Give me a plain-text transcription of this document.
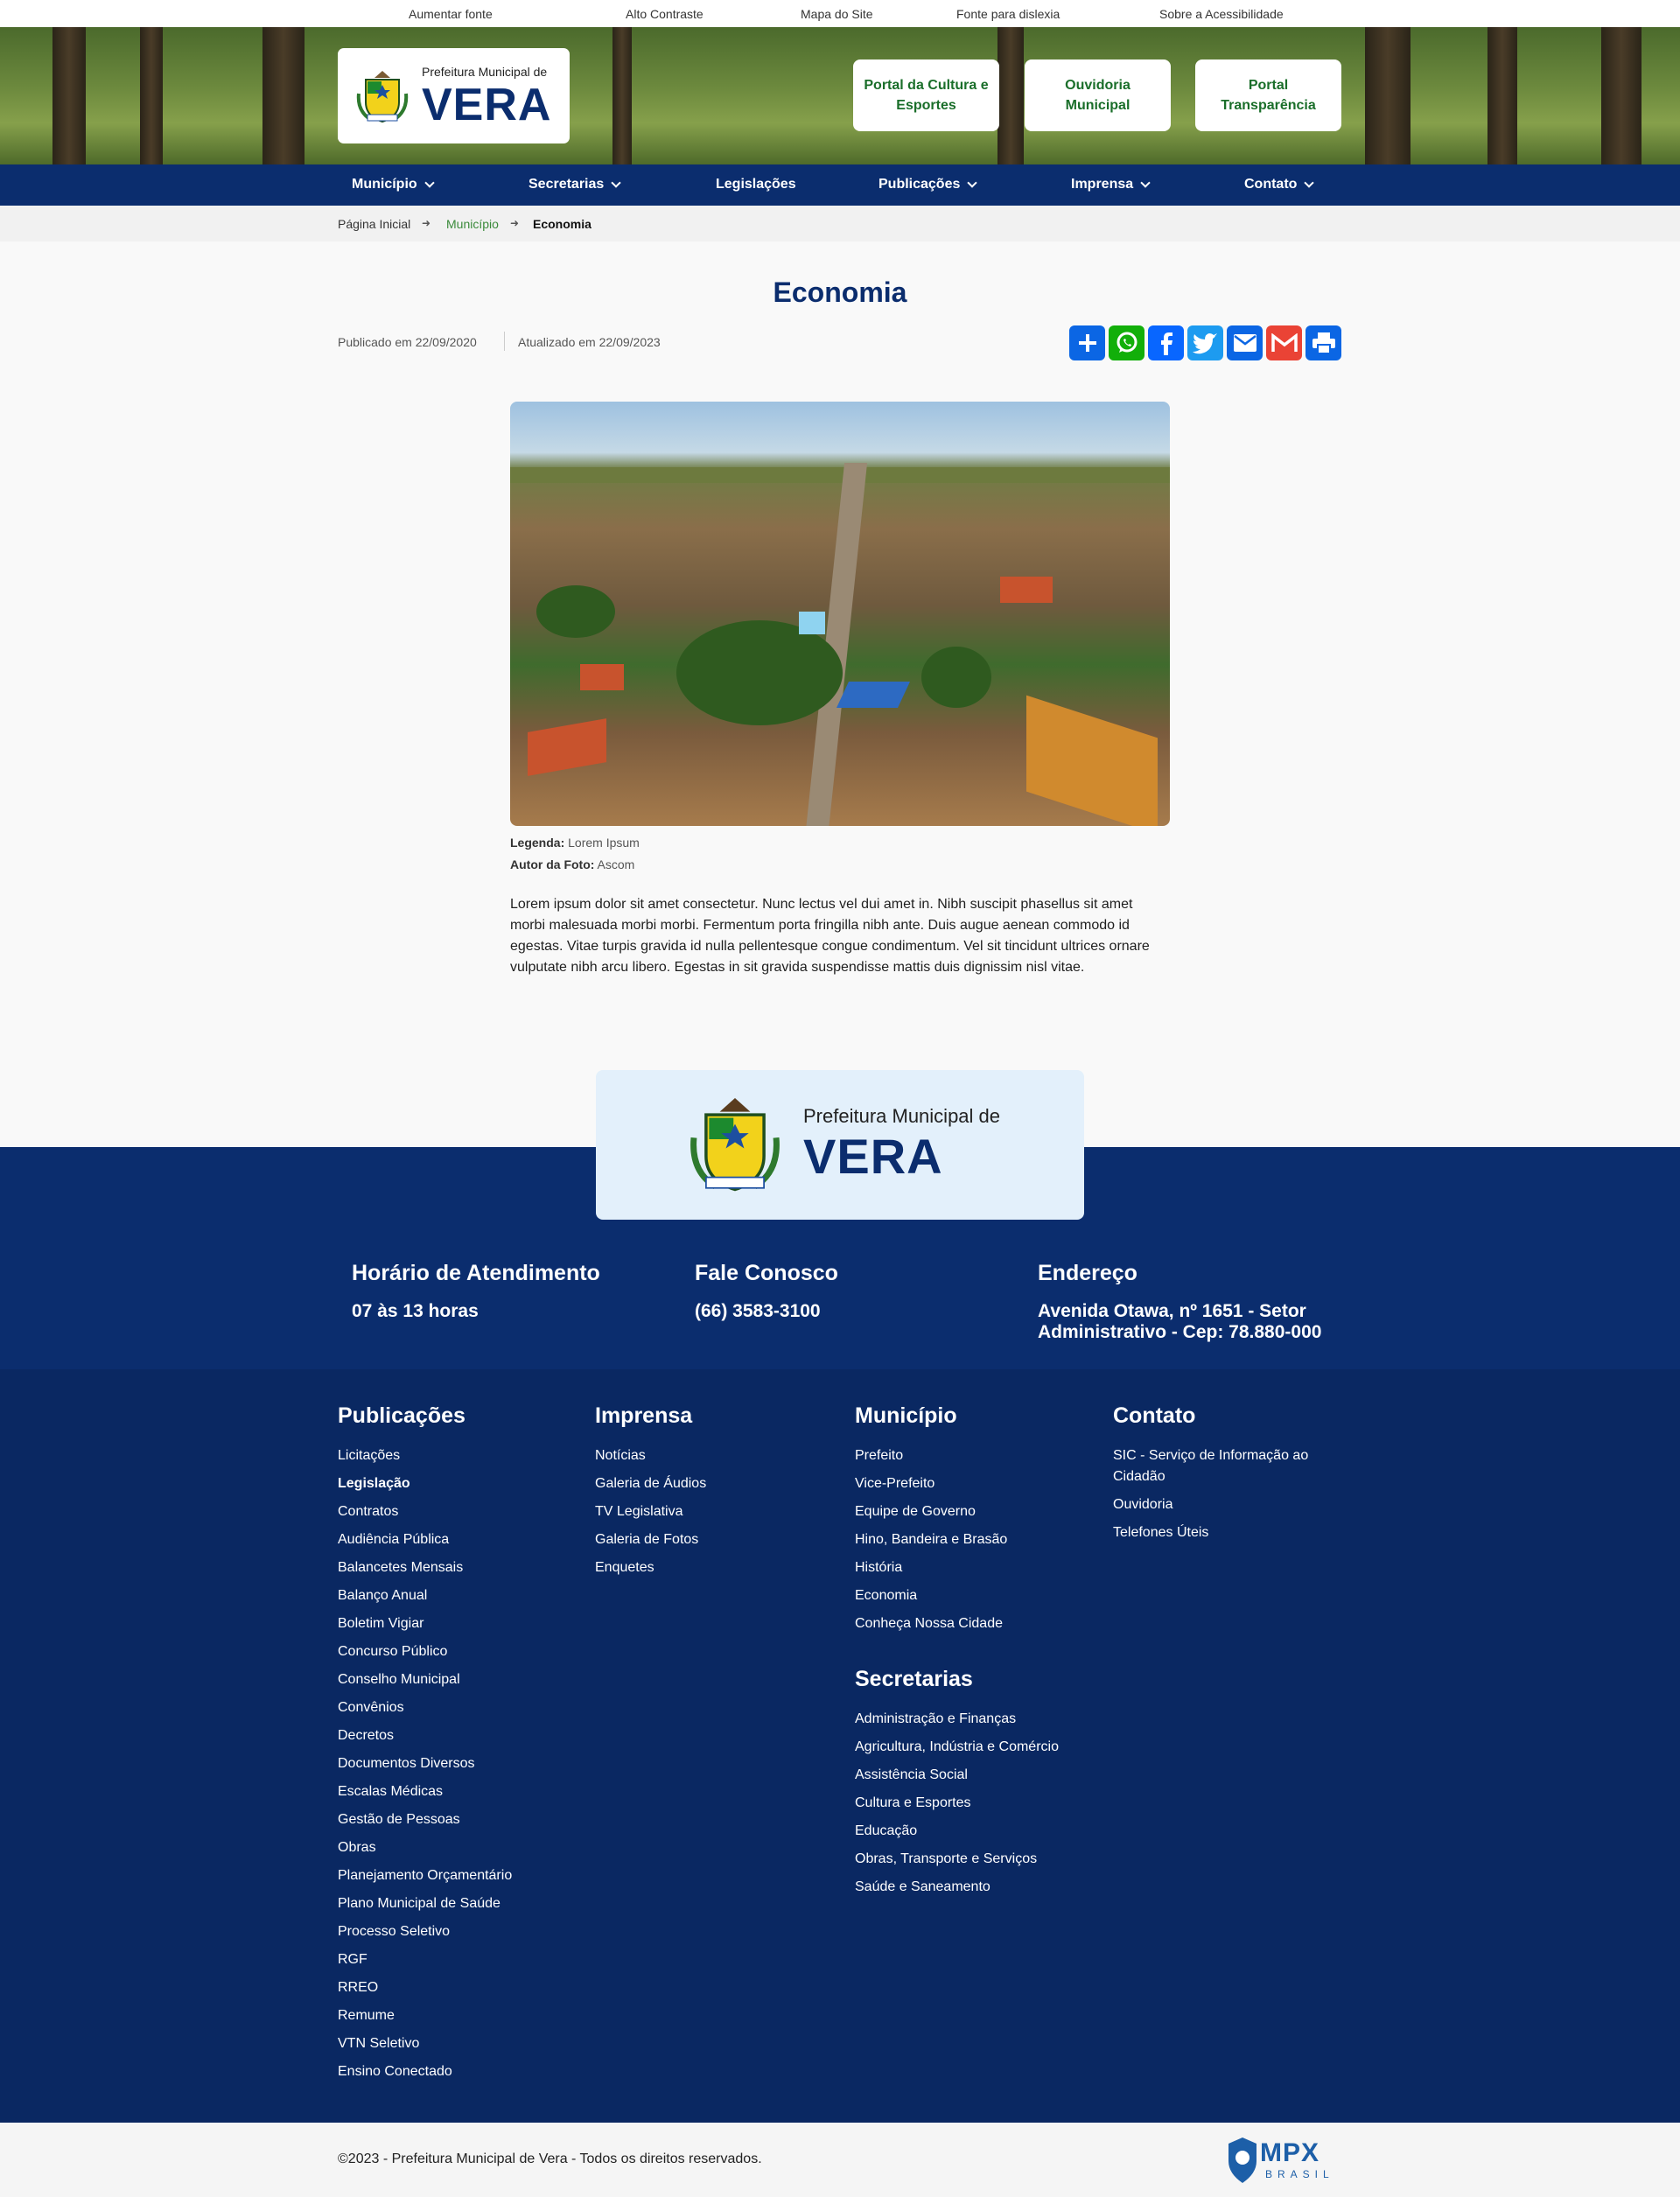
Aumentar fonte	Alto Contraste	Mapa do Site	Fonte para dislexia	Sobre a Acessibilidade
Prefeitura Municipal de
VERA	Portal da Cultura e Esportes
Ouvidoria Municipal
Portal Transparência
Município	Secretarias	Legislações	Publicações	Imprensa	Contato
Página Inicial ➜ Município ➜ Economia
Economia
Publicado em 22/09/2020	Atualizado em 22/09/2023
Legenda: Lorem Ipsum
Autor da Foto: Ascom

Lorem ipsum dolor sit amet consectetur. Nunc lectus vel dui amet in. Nibh suscipit phasellus sit amet morbi malesuada morbi morbi. Fermentum porta fringilla nibh ante. Duis augue aenean commodo id egestas. Vitae turpis gravida id nulla pellentesque congue condimentum. Vel sit tincidunt ultrices ornare vulputate nibh arcu libero. Egestas in sit gravida suspendisse mattis duis dignissim nisl vitae.

Prefeitura Municipal de
VERA
Horário de Atendimento

07 às 13 horas

Fale Conosco

(66) 3583-3100

Endereço

Avenida Otawa, nº 1651 - Setor Administrativo - Cep: 78.880-000

Publicações
Licitações
Legislação
Contratos
Audiência Pública
Balancetes Mensais
Balanço Anual
Boletim Vigiar
Concurso Público
Conselho Municipal
Convênios
Decretos
Documentos Diversos
Escalas Médicas
Gestão de Pessoas
Obras
Planejamento Orçamentário
Plano Municipal de Saúde
Processo Seletivo
RGF
RREO
Remume
VTN Seletivo
Ensino Conectado
Imprensa
Notícias
Galeria de Áudios
TV Legislativa
Galeria de Fotos
Enquetes
Município
Prefeito
Vice-Prefeito
Equipe de Governo
Hino, Bandeira e Brasão
História
Economia
Conheça Nossa Cidade
Secretarias
Administração e Finanças
Agricultura, Indústria e Comércio
Assistência Social
Cultura e Esportes
Educação
Obras, Transporte e Serviços
Saúde e Saneamento
Contato
SIC - Serviço de Informação ao Cidadão
Ouvidoria
Telefones Úteis
©2023 - Prefeitura Municipal de Vera - Todos os direitos reservados.	MPX
BRASIL
